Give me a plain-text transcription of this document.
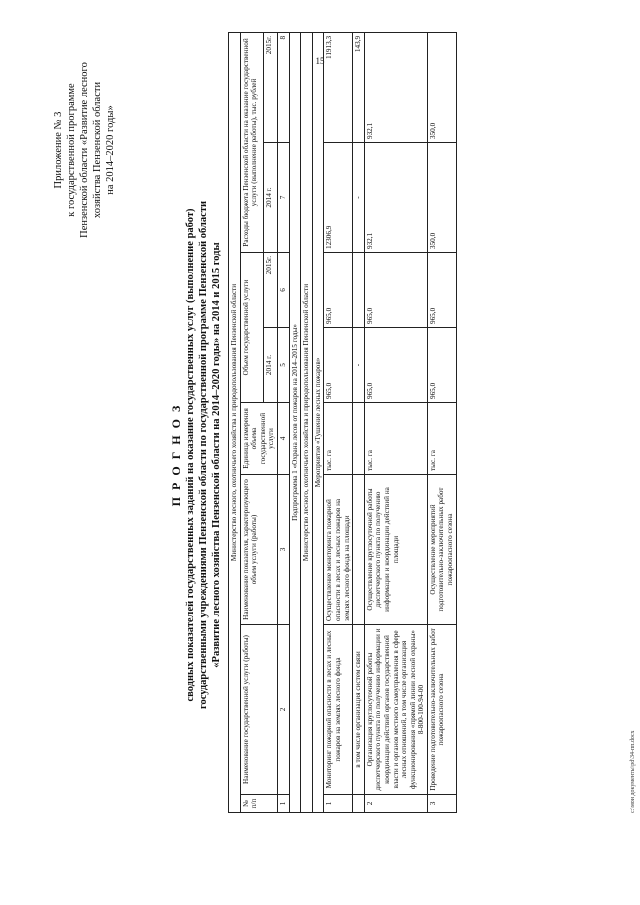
15
Приложение № 3 к государственной программе Пензенской области «Развитие лесного хозяйства Пензенской области на 2014–2020 годы»
П Р О Г Н О З сводных показателей государственных заданий на оказание государственных услуг (выполнение работ) государственными учреждениями Пензенской области по государственной программе Пензенской области «Развитие лесного хозяйства Пензенской области на 2014–2020 годы» на 2014 и 2015 годы Министерство лесного, охотничьего хозяйства и природопользования Пензенской области							
№ п/п	Наименование государственной услуги (работы)	Наименование показателя, характеризующего объем услуги (работы)	Единица измерения объема государственной услуги	Объем государственной услуги		Расходы бюджета Пензенской области на оказание государственной услуги (выполнение работы), тыс. рублей	
				2014 г.	2015г.	2014 г.	2015г.
1	2	3	4	5	6	7	8
Подпрограмма 1 «Охрана лесов от пожаров на 2014–2015 годы»							
Министерство лесного, охотничьего хозяйства и природопользования Пензенской области							
Мероприятие «Тушение лесных пожаров»							
1	Мониторинг пожарной опасности в лесах и лесных пожаров на землях лесного фонда	Осуществление мониторинга пожарной опасности в лесах и лесных пожаров на землях лесного фонда на площади	тыс. га	965,0	965,0	12306,9	11913,3
	в том числе организация систем связи			-		-	143,9
2	Организация круглосуточной работы диспетчерского пункта по получению информации и координации действий органов государственной власти и органов местного самоуправления в сфере лесных отношений, в том числе организация функционирования «прямой линии лесной охраны» 8-800-100-94-00	Осуществление круглосуточной работы диспетчерского пункта по получению информации и координации действий на площади	тыс. га	965,0	965,0	932,1	932,1
3	Проведение подготовительно-заключительных работ пожароопасного сезона	Осуществление мероприятий подготовительно-заключительных работ пожароопасного сезона	тыс. га	965,0	965,0	350,0	350,0
с:\мои документы\pd\34-пп.docx
